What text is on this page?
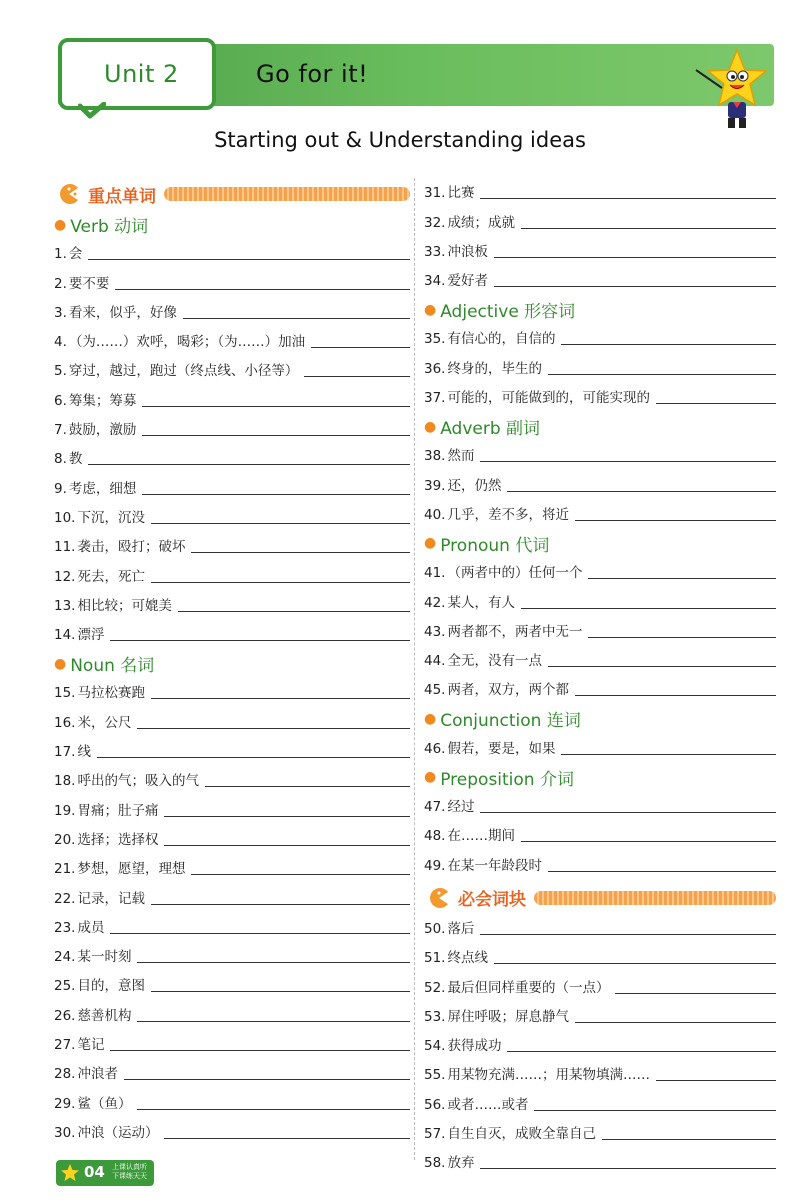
Unit 2	Go for it!
Starting out & Understanding ideas
重点单词
● Verb 动词
1. 会
2. 要不要
3. 看来，似乎，好像
4. （为……）欢呼，喝彩；（为……）加油
5. 穿过，越过，跑过（终点线、小径等）
6. 筹集；筹募
7. 鼓励，激励
8. 教
9. 考虑，细想
10. 下沉，沉没
11. 袭击，殴打；破坏
12. 死去，死亡
13. 相比较；可媲美
14. 漂浮
● Noun 名词
15. 马拉松赛跑
16. 米，公尺
17. 线
18. 呼出的气；吸入的气
19. 胃痛；肚子痛
20. 选择；选择权
21. 梦想，愿望，理想
22. 记录，记载
23. 成员
24. 某一时刻
25. 目的，意图
26. 慈善机构
27. 笔记
28. 冲浪者
29. 鲨（鱼）
30. 冲浪（运动）
31. 比赛
32. 成绩；成就
33. 冲浪板
34. 爱好者
● Adjective 形容词
35. 有信心的，自信的
36. 终身的，毕生的
37. 可能的，可能做到的，可能实现的
● Adverb 副词
38. 然而
39. 还，仍然
40. 几乎，差不多，将近
● Pronoun 代词
41. （两者中的）任何一个
42. 某人，有人
43. 两者都不，两者中无一
44. 全无，没有一点
45. 两者，双方，两个都
● Conjunction 连词
46. 假若，要是，如果
● Preposition 介词
47. 经过
48. 在……期间
49. 在某一年龄段时
必会词块
50. 落后
51. 终点线
52. 最后但同样重要的（一点）
53. 屏住呼吸；屏息静气
54. 获得成功
55. 用某物充满……；用某物填满……
56. 或者……或者
57. 自生自灭，成败全靠自己
58. 放弃
04 上课认真听
下课练天天
